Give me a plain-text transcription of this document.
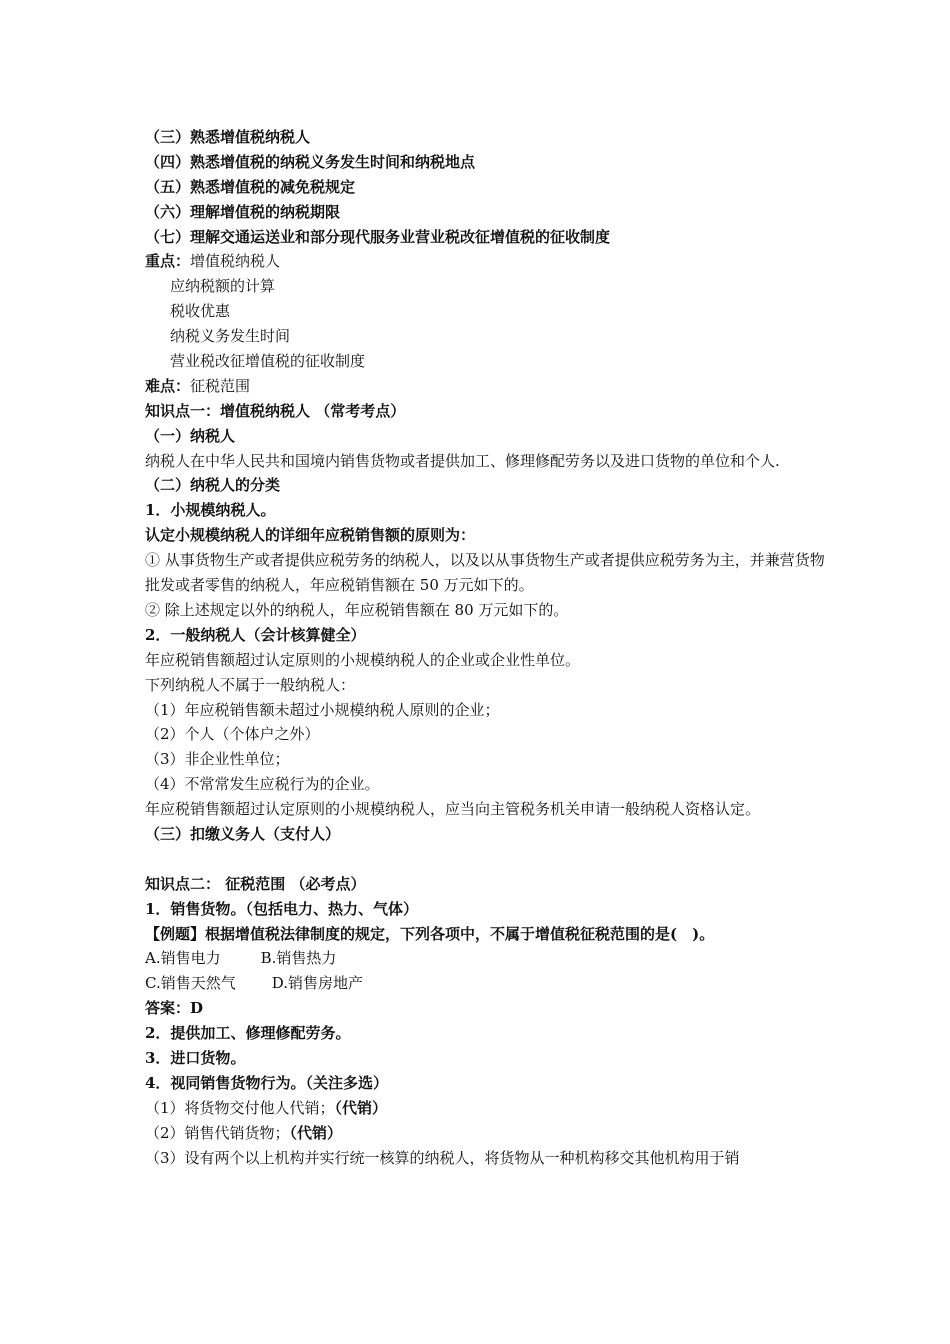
（三）熟悉增值税纳税人
（四）熟悉增值税的纳税义务发生时间和纳税地点
（五）熟悉增值税的减免税规定
（六）理解增值税的纳税期限
（七）理解交通运送业和部分现代服务业营业税改征增值税的征收制度
重点：增值税纳税人
应纳税额的计算
税收优惠
纳税义务发生时间
营业税改征增值税的征收制度
难点：征税范围
知识点一：增值税纳税人 （常考考点）
（一）纳税人
纳税人在中华人民共和国境内销售货物或者提供加工、修理修配劳务以及进口货物的单位和个人.
（二）纳税人的分类
1．小规模纳税人。
认定小规模纳税人的详细年应税销售额的原则为：
① 从事货物生产或者提供应税劳务的纳税人，以及以从事货物生产或者提供应税劳务为主，并兼营货物批发或者零售的纳税人，年应税销售额在 50 万元如下的。
② 除上述规定以外的纳税人，年应税销售额在 80 万元如下的。
2．一般纳税人（会计核算健全）
年应税销售额超过认定原则的小规模纳税人的企业或企业性单位。
下列纳税人不属于一般纳税人：
（1）年应税销售额未超过小规模纳税人原则的企业；
（2）个人（个体户之外）
（3）非企业性单位；
（4）不常常发生应税行为的企业。
年应税销售额超过认定原则的小规模纳税人，应当向主管税务机关申请一般纳税人资格认定。
（三）扣缴义务人（支付人）
知识点二： 征税范围 （必考点）
1．销售货物。（包括电力、热力、气体）
【例题】根据增值税法律制度的规定，下列各项中，不属于增值税征税范围的是(　)。
A.销售电力	B.销售热力
C.销售天然气 D.销售房地产
答案：D
2．提供加工、修理修配劳务。
3．进口货物。
4．视同销售货物行为。（关注多选）
（1）将货物交付他人代销；（代销）
（2）销售代销货物；（代销）
（3）设有两个以上机构并实行统一核算的纳税人，将货物从一种机构移交其他机构用于销
